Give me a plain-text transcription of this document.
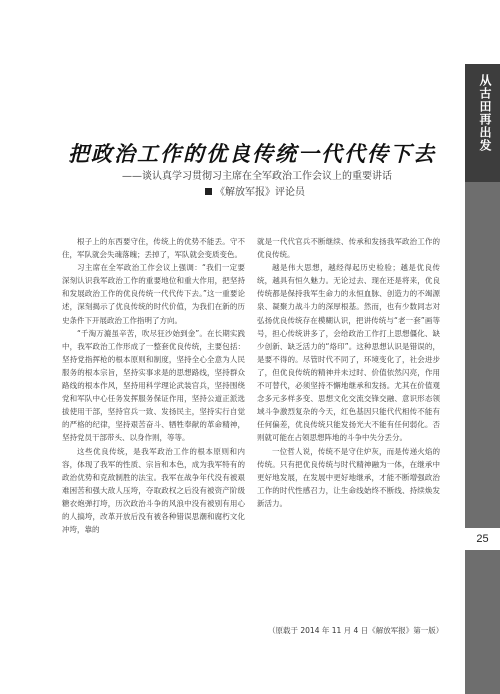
从古田再出发
25
把政治工作的优良传统一代代传下去
——谈认真学习贯彻习主席在全军政治工作会议上的重要讲话
《解放军报》评论员

根子上的东西要守住，传统上的优势不能丢。守不住，军队就会失魂落魄；丢掉了，军队就会变质变色。

习主席在全军政治工作会议上强调：“我们一定要深刻认识我军政治工作的重要地位和重大作用，把坚持和发展政治工作的优良传统一代代传下去。”这一重要论述，深刻揭示了优良传统的时代价值，为我们在新的历史条件下开展政治工作指明了方向。

“千淘万漉虽辛苦，吹尽狂沙始到金”。在长期实践中，我军政治工作形成了一整套优良传统，主要包括：坚持党指挥枪的根本原则和制度，坚持全心全意为人民服务的根本宗旨，坚持实事求是的思想路线，坚持群众路线的根本作风，坚持用科学理论武装官兵，坚持围绕党和军队中心任务发挥服务保证作用，坚持公道正派选拔使用干部，坚持官兵一致、发扬民主，坚持实行自觉的严格的纪律，坚持艰苦奋斗、牺牲奉献的革命精神，坚持党员干部带头、以身作则，等等。

这些优良传统，是我军政治工作的根本原则和内容，体现了我军的性质、宗旨和本色，成为我军特有的政治优势和克敌制胜的法宝。我军在战争年代没有被艰难困苦和强大敌人压垮，夺取政权之后没有被资产阶级糖衣炮弹打垮，历次政治斗争的风浪中没有被别有用心的人搞垮，改革开放后没有被各种错误思潮和腐朽文化冲垮，靠的

就是一代代官兵不断继续、传承和发扬我军政治工作的优良传统。

越是伟大思想，越经得起历史检验；越是优良传统，越具有恒久魅力。无论过去、现在还是将来，优良传统都是保持我军生命力的永恒血脉、创造力的不竭源泉、凝聚力战斗力的深厚根基。然而，也有少数同志对弘扬优良传统存在模糊认识，把讲传统与“老一套”画等号，担心传统讲多了，会给政治工作打上思想僵化、缺少创新、缺乏活力的“烙印”。这种思想认识是错误的，是要不得的。尽管时代不同了，环境变化了，社会进步了，但优良传统的精神并未过时、价值依然闪亮，作用不可替代，必须坚持不懈地继承和发扬。尤其在价值观念多元多样多变、思想文化交流交锋交融、意识形态领域斗争激烈复杂的今天，红色基因只能代代相传不能有任何偏差，优良传统只能发扬光大不能有任何弱化。否则就可能在占领思想阵地的斗争中失分丢分。

一位哲人说，传统不是守住炉灰，而是传递火焰的传统。只有把优良传统与时代精神融为一体，在继承中更好地发展，在发展中更好地继承，才能不断增强政治工作的时代性感召力，让生命线始终不断线、持续焕发新活力。

（原载于 2014 年 11 月 4 日《解放军报》第一版）
